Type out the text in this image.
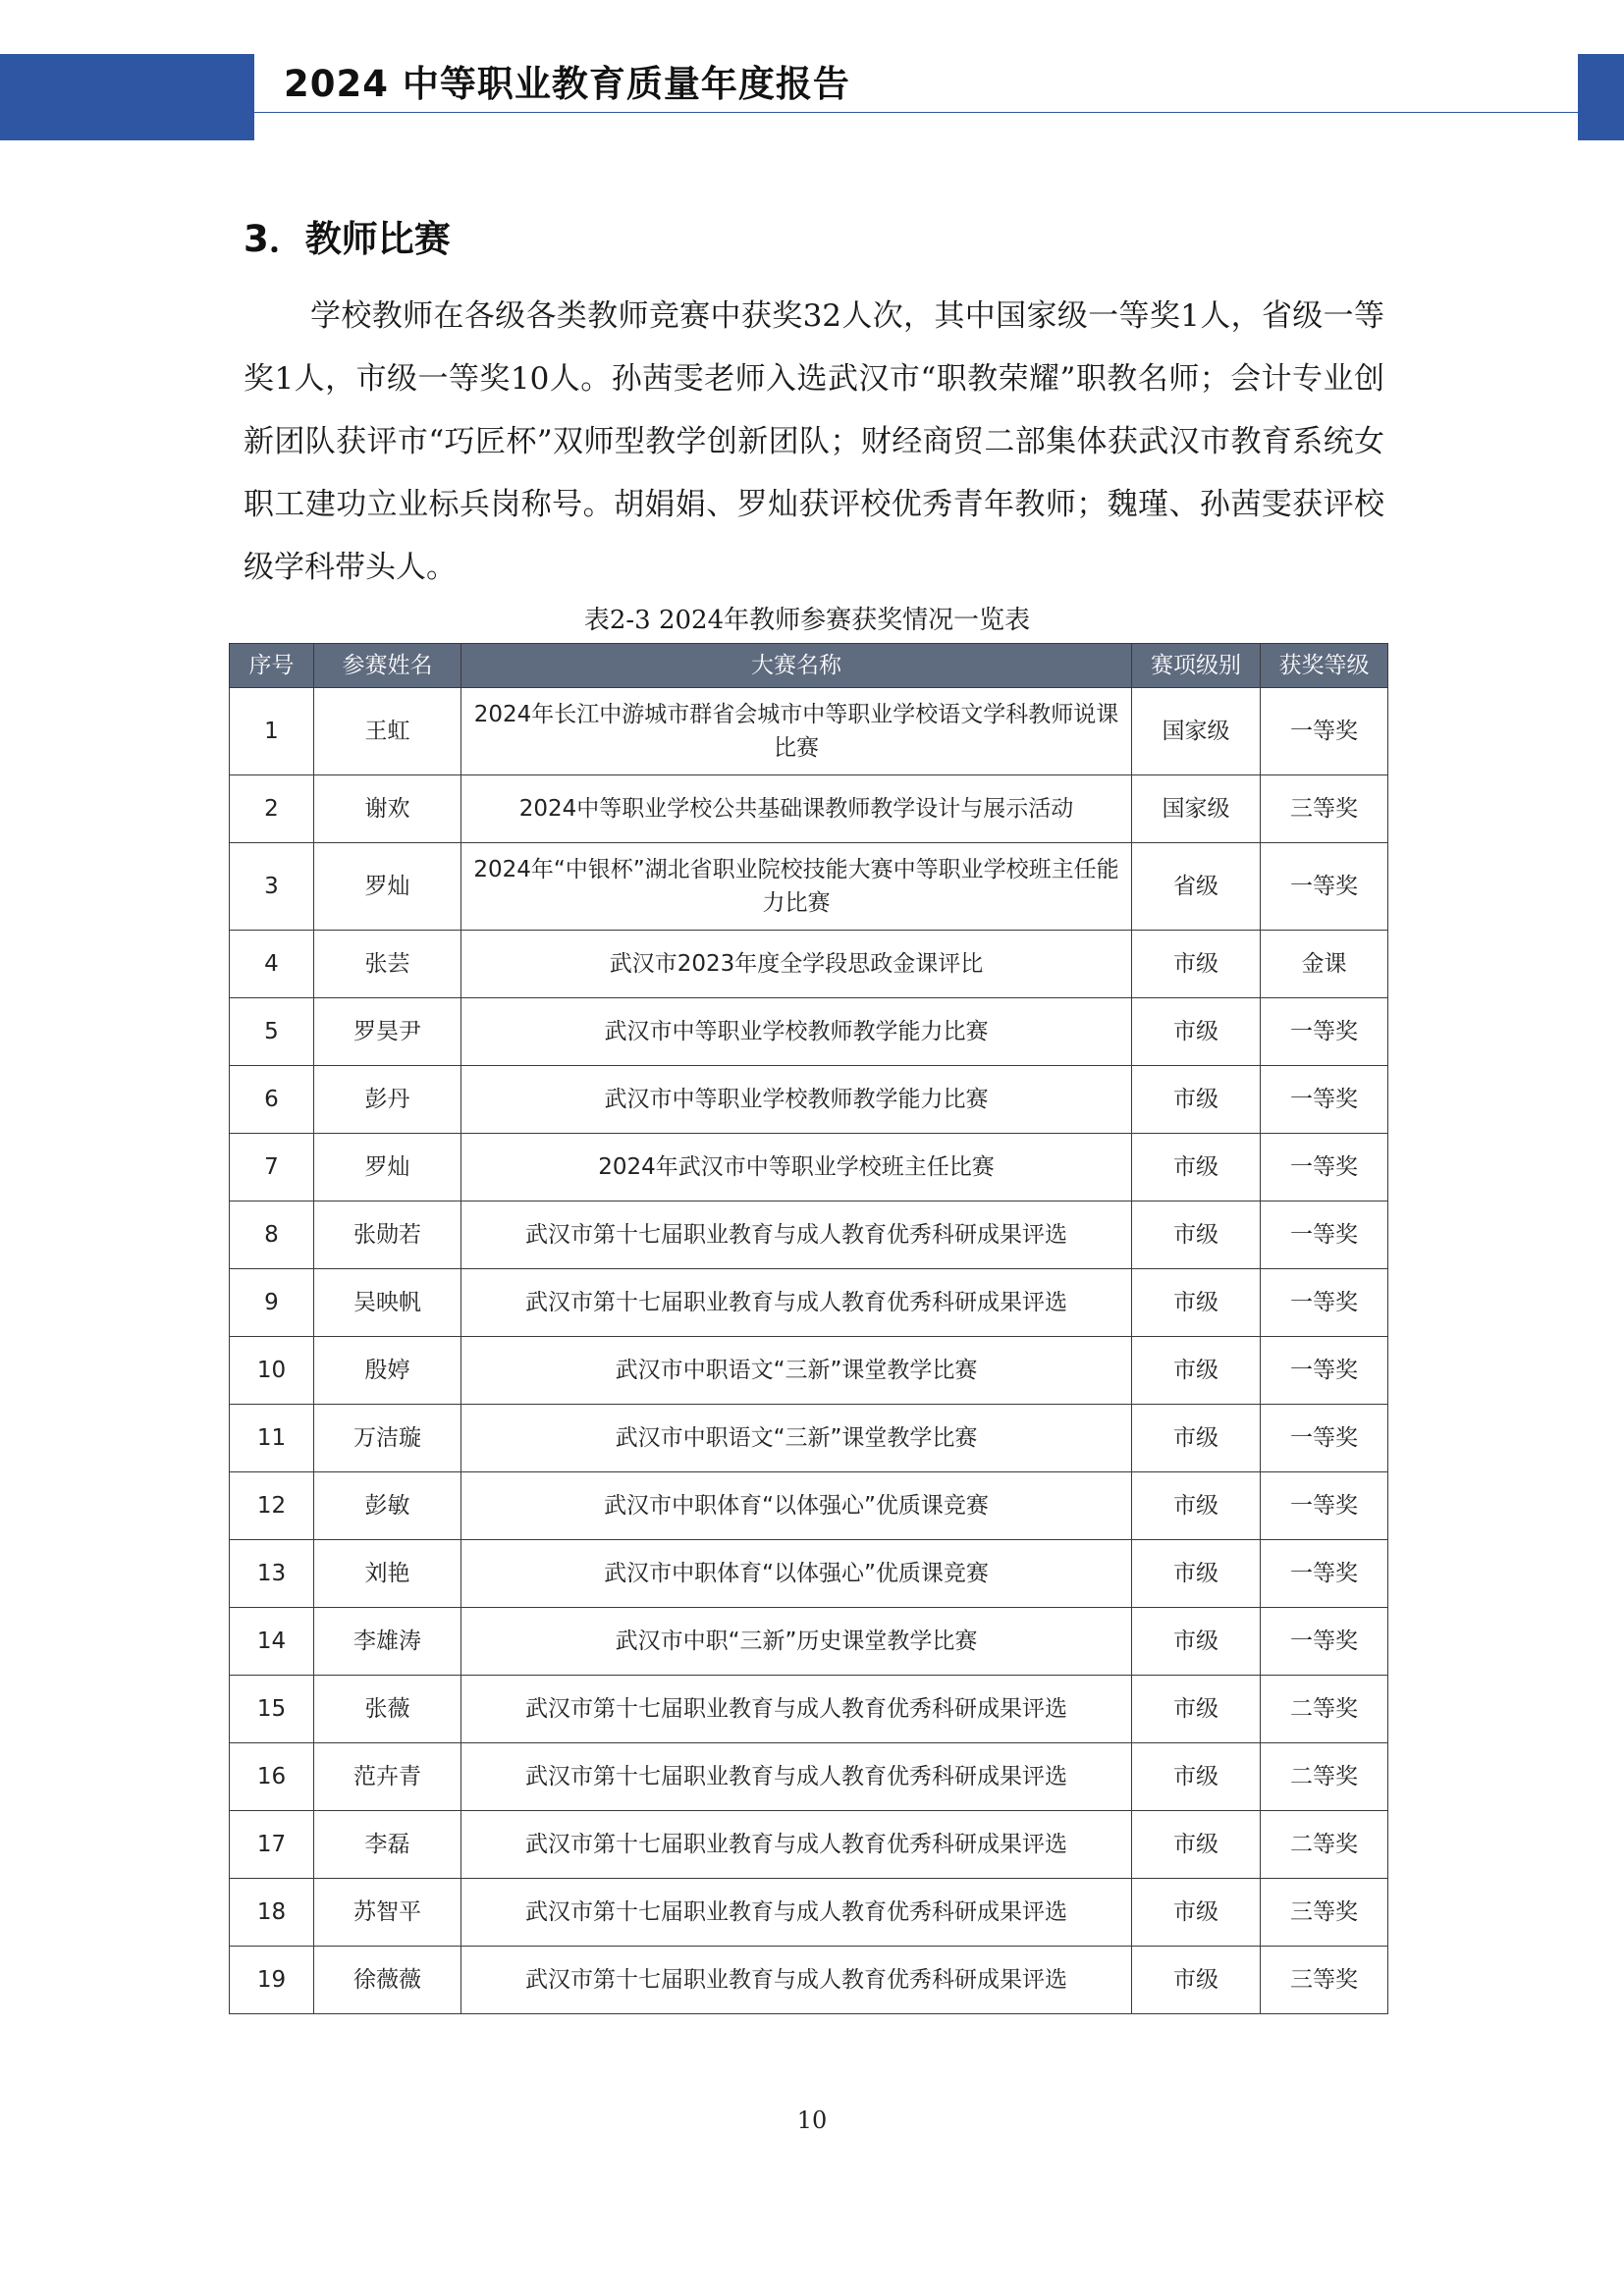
2024 中等职业教育质量年度报告
3．教师比赛

学校教师在各级各类教师竞赛中获奖32人次，其中国家级一等奖1人，省级一等奖1人，市级一等奖10人。孙茜雯老师入选武汉市“职教荣耀”职教名师；会计专业创新团队获评市“巧匠杯”双师型教学创新团队；财经商贸二部集体获武汉市教育系统女职工建功立业标兵岗称号。胡娟娟、罗灿获评校优秀青年教师；魏瑾、孙茜雯获评校级学科带头人。

表2-3 2024年教师参赛获奖情况一览表
序号	参赛姓名	大赛名称	赛项级别	获奖等级
1	王虹	2024年长江中游城市群省会城市中等职业学校语文学科教师说课比赛	国家级	一等奖
2	谢欢	2024中等职业学校公共基础课教师教学设计与展示活动	国家级	三等奖
3	罗灿	2024年“中银杯”湖北省职业院校技能大赛中等职业学校班主任能力比赛	省级	一等奖
4	张芸	武汉市2023年度全学段思政金课评比	市级	金课
5	罗昊尹	武汉市中等职业学校教师教学能力比赛	市级	一等奖
6	彭丹	武汉市中等职业学校教师教学能力比赛	市级	一等奖
7	罗灿	2024年武汉市中等职业学校班主任比赛	市级	一等奖
8	张勋若	武汉市第十七届职业教育与成人教育优秀科研成果评选	市级	一等奖
9	吴映帆	武汉市第十七届职业教育与成人教育优秀科研成果评选	市级	一等奖
10	殷婷	武汉市中职语文“三新”课堂教学比赛	市级	一等奖
11	万洁璇	武汉市中职语文“三新”课堂教学比赛	市级	一等奖
12	彭敏	武汉市中职体育“以体强心”优质课竞赛	市级	一等奖
13	刘艳	武汉市中职体育“以体强心”优质课竞赛	市级	一等奖
14	李雄涛	武汉市中职“三新”历史课堂教学比赛	市级	一等奖
15	张薇	武汉市第十七届职业教育与成人教育优秀科研成果评选	市级	二等奖
16	范卉青	武汉市第十七届职业教育与成人教育优秀科研成果评选	市级	二等奖
17	李磊	武汉市第十七届职业教育与成人教育优秀科研成果评选	市级	二等奖
18	苏智平	武汉市第十七届职业教育与成人教育优秀科研成果评选	市级	三等奖
19	徐薇薇	武汉市第十七届职业教育与成人教育优秀科研成果评选	市级	三等奖
10
